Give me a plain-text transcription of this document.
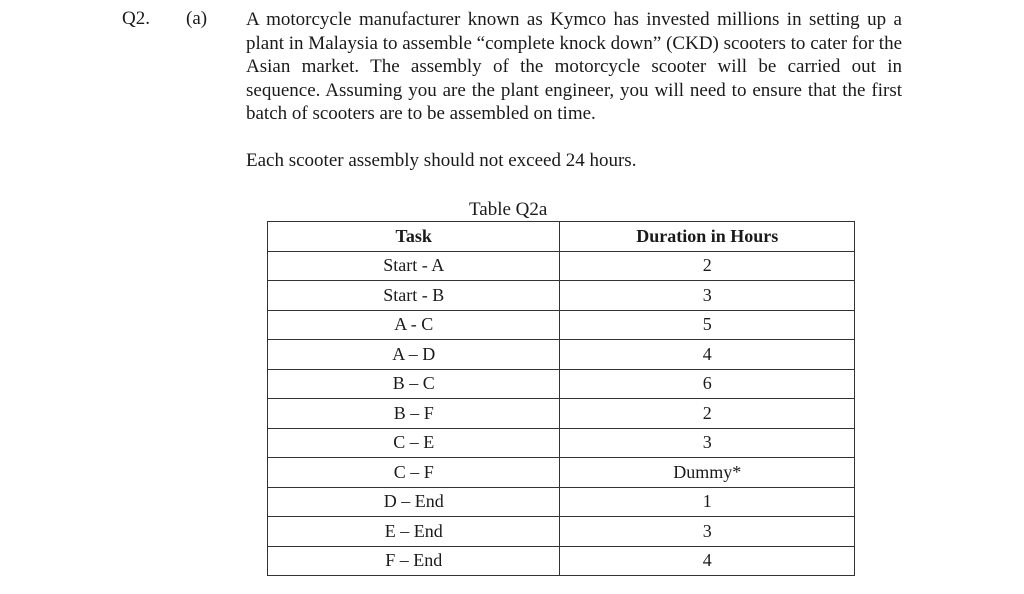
Q2. (a) A motorcycle manufacturer known as Kymco has invested millions in setting up a plant in Malaysia to assemble “complete knock down” (CKD) scooters to cater for the Asian market. The assembly of the motorcycle scooter will be carried out in sequence. Assuming you are the plant engineer, you will need to ensure that the first batch of scooters are to be assembled on time.

Each scooter assembly should not exceed 24 hours.

Table Q2a
Task	Duration in Hours
Start - A	2
Start - B	3
A - C	5
A – D	4
B – C	6
B – F	2
C – E	3
C – F	Dummy*
D – End	1
E – End	3
F – End	4
